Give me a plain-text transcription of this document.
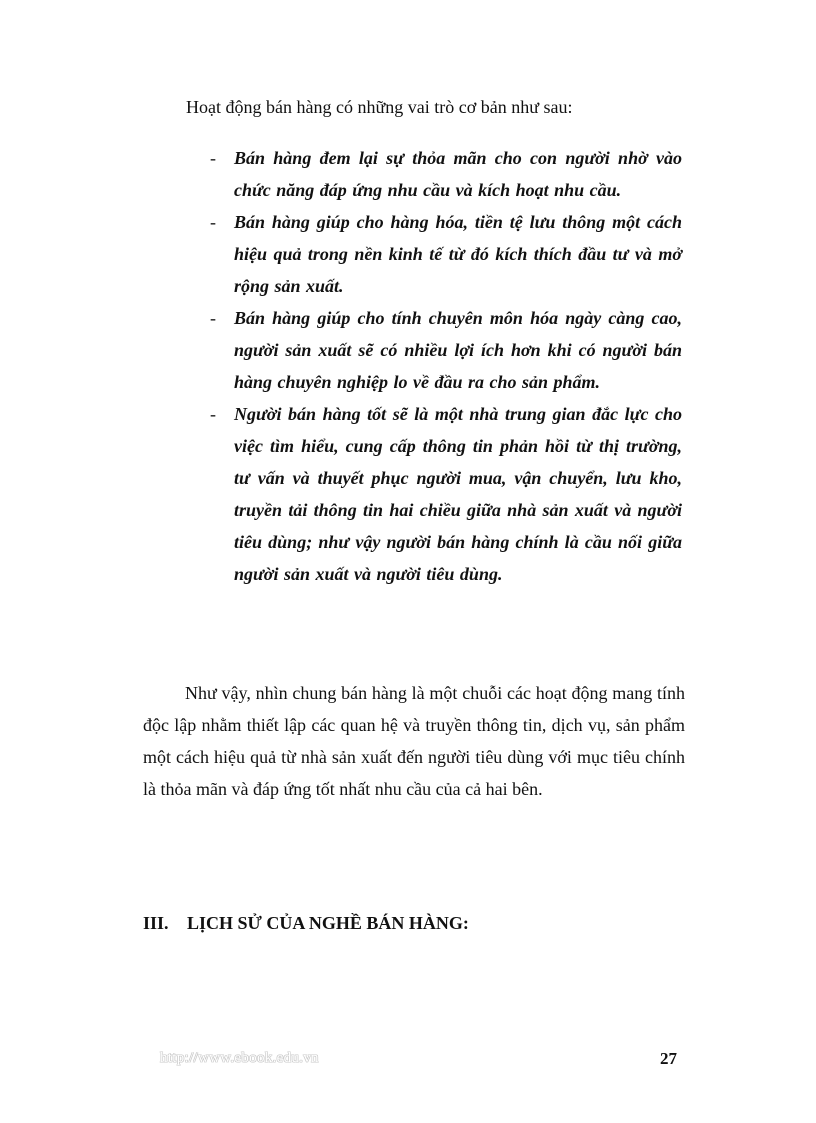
Hoạt động bán hàng có những vai trò cơ bản như sau:

-	Bán hàng đem lại sự thỏa mãn cho con người nhờ vào chức năng đáp ứng nhu cầu và kích hoạt nhu cầu.
-	Bán hàng giúp cho hàng hóa, tiền tệ lưu thông một cách hiệu quả trong nền kinh tế từ đó kích thích đầu tư và mở rộng sản xuất.
-	Bán hàng giúp cho tính chuyên môn hóa ngày càng cao, người sản xuất sẽ có nhiều lợi ích hơn khi có người bán hàng chuyên nghiệp lo về đầu ra cho sản phẩm.
-	Người bán hàng tốt sẽ là một nhà trung gian đắc lực cho việc tìm hiểu, cung cấp thông tin phản hồi từ thị trường, tư vấn và thuyết phục người mua, vận chuyển, lưu kho, truyền tải thông tin hai chiều giữa nhà sản xuất và người tiêu dùng; như vậy người bán hàng chính là cầu nối giữa người sản xuất và người tiêu dùng.

Như vậy, nhìn chung bán hàng là một chuỗi các hoạt động mang tính độc lập nhằm thiết lập các quan hệ và truyền thông tin, dịch vụ, sản phẩm một cách hiệu quả từ nhà sản xuất đến người tiêu dùng với mục tiêu chính là thỏa mãn và đáp ứng tốt nhất nhu cầu của cả hai bên.

III.	LỊCH SỬ CỦA NGHỀ BÁN HÀNG:
http://www.ebook.edu.vn	27
